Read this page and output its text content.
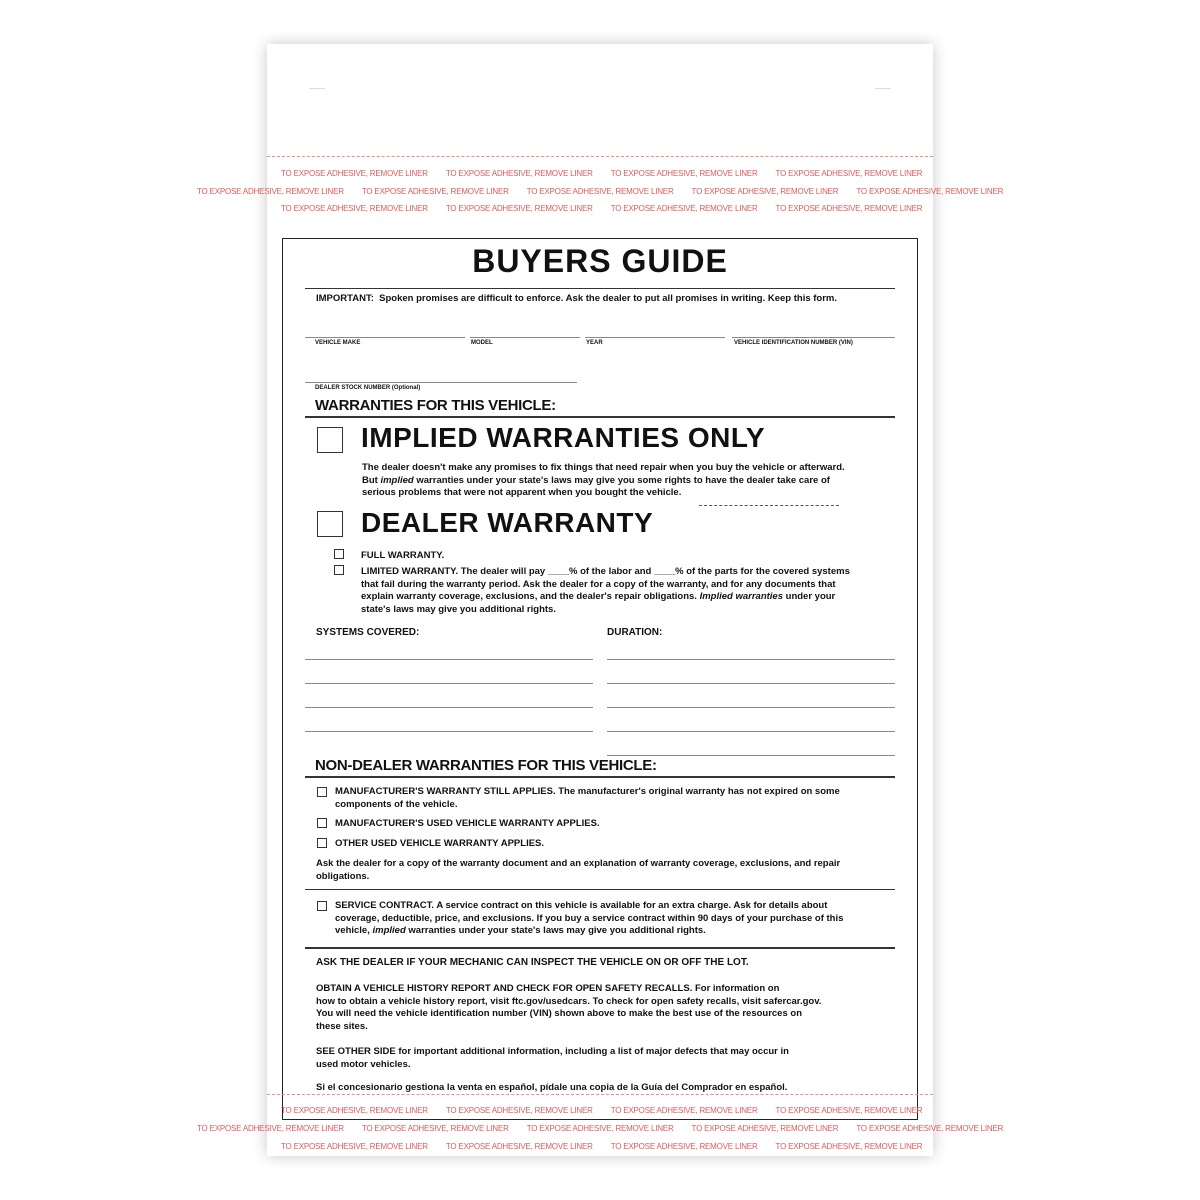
TO EXPOSE ADHESIVE, REMOVE LINER TO EXPOSE ADHESIVE, REMOVE LINER TO EXPOSE ADHESIVE, REMOVE LINER TO EXPOSE ADHESIVE, REMOVE LINER
TO EXPOSE ADHESIVE, REMOVE LINER TO EXPOSE ADHESIVE, REMOVE LINER TO EXPOSE ADHESIVE, REMOVE LINER TO EXPOSE ADHESIVE, REMOVE LINER TO EXPOSE ADHESIVE, REMOVE LINER
TO EXPOSE ADHESIVE, REMOVE LINER TO EXPOSE ADHESIVE, REMOVE LINER TO EXPOSE ADHESIVE, REMOVE LINER TO EXPOSE ADHESIVE, REMOVE LINER
BUYERS GUIDE
IMPORTANT: Spoken promises are difficult to enforce. Ask the dealer to put all promises in writing. Keep this form.
VEHICLE MAKE	MODEL	YEAR	VEHICLE IDENTIFICATION NUMBER (VIN)
DEALER STOCK NUMBER (Optional)
WARRANTIES FOR THIS VEHICLE:
IMPLIED WARRANTIES ONLY
The dealer doesn't make any promises to fix things that need repair when you buy the vehicle or afterward.
But implied warranties under your state's laws may give you some rights to have the dealer take care of
serious problems that were not apparent when you bought the vehicle.
DEALER WARRANTY
FULL WARRANTY.
LIMITED WARRANTY. The dealer will pay ____% of the labor and ____% of the parts for the covered systems
that fail during the warranty period. Ask the dealer for a copy of the warranty, and for any documents that
explain warranty coverage, exclusions, and the dealer's repair obligations. Implied warranties under your
state's laws may give you additional rights.
SYSTEMS COVERED:	DURATION:
NON-DEALER WARRANTIES FOR THIS VEHICLE:
MANUFACTURER'S WARRANTY STILL APPLIES. The manufacturer's original warranty has not expired on some
components of the vehicle.
MANUFACTURER'S USED VEHICLE WARRANTY APPLIES.
OTHER USED VEHICLE WARRANTY APPLIES.
Ask the dealer for a copy of the warranty document and an explanation of warranty coverage, exclusions, and repair
obligations.
SERVICE CONTRACT. A service contract on this vehicle is available for an extra charge. Ask for details about
coverage, deductible, price, and exclusions. If you buy a service contract within 90 days of your purchase of this
vehicle, implied warranties under your state's laws may give you additional rights.
ASK THE DEALER IF YOUR MECHANIC CAN INSPECT THE VEHICLE ON OR OFF THE LOT.
OBTAIN A VEHICLE HISTORY REPORT AND CHECK FOR OPEN SAFETY RECALLS. For information on
how to obtain a vehicle history report, visit ftc.gov/usedcars. To check for open safety recalls, visit safercar.gov.
You will need the vehicle identification number (VIN) shown above to make the best use of the resources on
these sites.
SEE OTHER SIDE for important additional information, including a list of major defects that may occur in
used motor vehicles.
Si el concesionario gestiona la venta en español, pídale una copia de la Guía del Comprador en español.
TO EXPOSE ADHESIVE, REMOVE LINER TO EXPOSE ADHESIVE, REMOVE LINER TO EXPOSE ADHESIVE, REMOVE LINER TO EXPOSE ADHESIVE, REMOVE LINER
TO EXPOSE ADHESIVE, REMOVE LINER TO EXPOSE ADHESIVE, REMOVE LINER TO EXPOSE ADHESIVE, REMOVE LINER TO EXPOSE ADHESIVE, REMOVE LINER TO EXPOSE ADHESIVE, REMOVE LINER
TO EXPOSE ADHESIVE, REMOVE LINER TO EXPOSE ADHESIVE, REMOVE LINER TO EXPOSE ADHESIVE, REMOVE LINER TO EXPOSE ADHESIVE, REMOVE LINER
